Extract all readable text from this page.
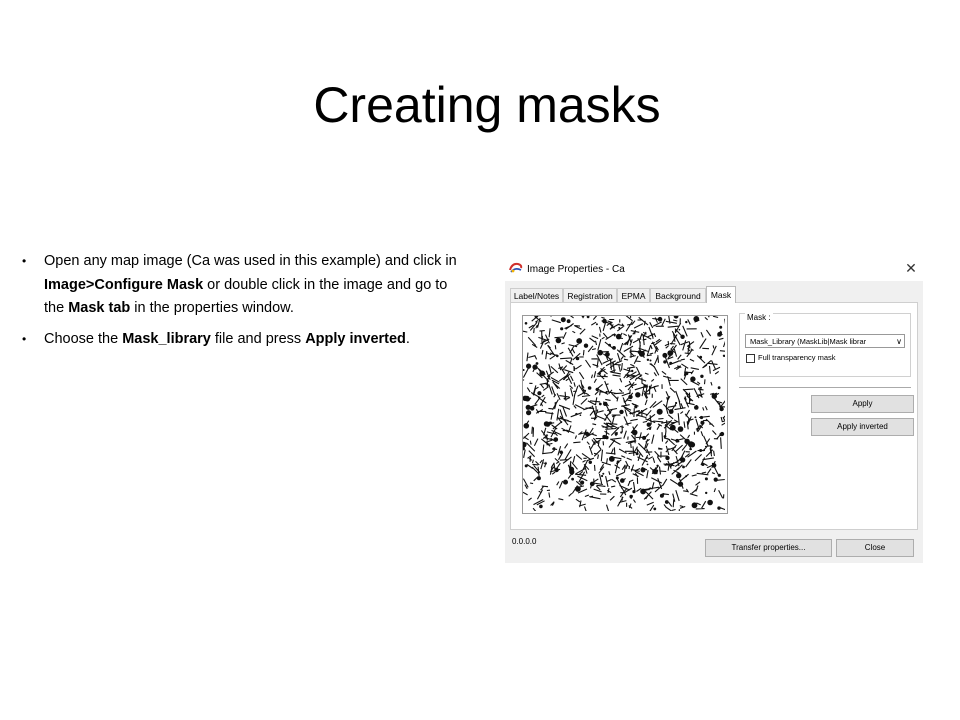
Creating masks
• Open any map image (Ca was used in this example) and click in Image>Configure Mask or double click in the image and go to the Mask tab in the properties window.
• Choose the Mask_library file and press Apply inverted.
Image Properties - Ca	✕
Label/Notes Registration	EPMA	Background	Mask
Mask :
Mask_Library (MaskLib|Mask librar	∨
Full transparency mask
Apply
Apply inverted
0.0.0.0
Transfer properties...	Close
